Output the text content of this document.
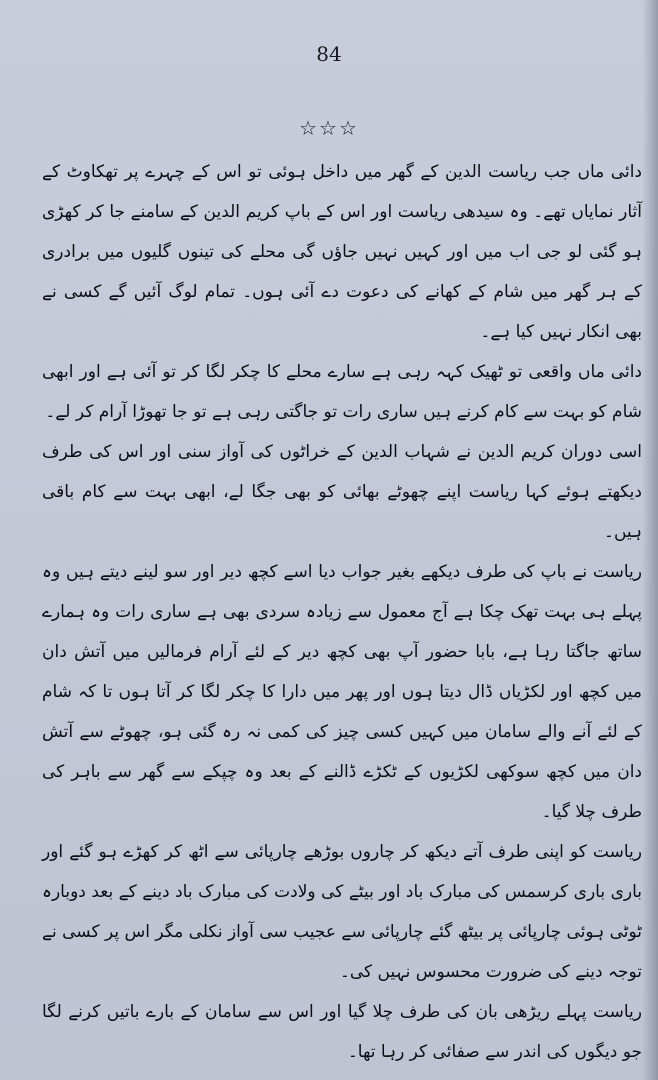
84
☆☆☆

دائی ماں جب ریاست الدین کے گھر میں داخل ہوئی تو اس کے چہرے پر تھکاوٹ کے آثار نمایاں تھے۔ وہ سیدھی ریاست اور اس کے باپ کریم الدین کے سامنے جا کر کھڑی ہو گئی لو جی اب میں اور کہیں نہیں جاؤں گی محلے کی تینوں گلیوں میں برادری کے ہر گھر میں شام کے کھانے کی دعوت دے آئی ہوں۔ تمام لوگ آئیں گے کسی نے بھی انکار نہیں کیا ہے۔

دائی ماں واقعی تو ٹھیک کہہ رہی ہے سارے محلے کا چکر لگا کر تو آئی ہے اور ابھی شام کو بہت سے کام کرنے ہیں ساری رات تو جاگتی رہی ہے تو جا تھوڑا آرام کر لے۔

اسی دوران کریم الدین نے شہاب الدین کے خراٹوں کی آواز سنی اور اس کی طرف دیکھتے ہوئے کہا ریاست اپنے چھوٹے بھائی کو بھی جگا لے، ابھی بہت سے کام باقی ہیں۔

ریاست نے باپ کی طرف دیکھے بغیر جواب دیا اسے کچھ دیر اور سو لینے دیتے ہیں وہ پہلے ہی بہت تھک چکا ہے آج معمول سے زیادہ سردی بھی ہے ساری رات وہ ہمارے ساتھ جاگتا رہا ہے، بابا حضور آپ بھی کچھ دیر کے لئے آرام فرمالیں میں آتش دان میں کچھ اور لکڑیاں ڈال دیتا ہوں اور پھر میں دارا کا چکر لگا کر آتا ہوں تا کہ شام کے لئے آنے والے سامان میں کہیں کسی چیز کی کمی نہ رہ گئی ہو، چھوٹے سے آتش دان میں کچھ سوکھی لکڑیوں کے ٹکڑے ڈالنے کے بعد وہ چپکے سے گھر سے باہر کی طرف چلا گیا۔

ریاست کو اپنی طرف آتے دیکھ کر چاروں بوڑھے چارپائی سے اٹھ کر کھڑے ہو گئے اور باری باری کرسمس کی مبارک باد اور بیٹے کی ولادت کی مبارک باد دینے کے بعد دوبارہ ٹوٹی ہوئی چارپائی پر بیٹھ گئے چارپائی سے عجیب سی آواز نکلی مگر اس پر کسی نے توجہ دینے کی ضرورت محسوس نہیں کی۔

ریاست پہلے ریڑھی بان کی طرف چلا گیا اور اس سے سامان کے بارے باتیں کرنے لگا جو دیگوں کی اندر سے صفائی کر رہا تھا۔
